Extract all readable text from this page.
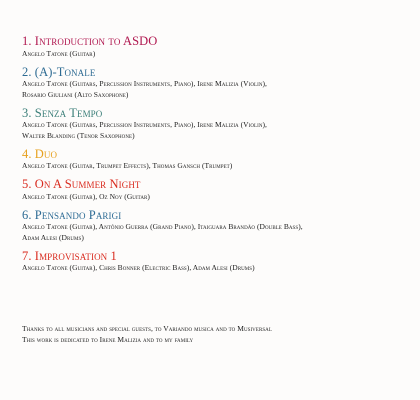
1. Introduction to ASDO
Angelo Tatone (Guitar)
2. (A)-Tonale
Angelo Tatone (Guitars, Percussion Instruments, Piano), Irene Malizia (Violin),
Rosario Giuliani (Alto Saxophone)
3. Senza Tempo
Angelo Tatone (Guitars, Percussion Instruments, Piano), Irene Malizia (Violin),
Walter Blanding (Tenor Saxophone)
4. Duo
Angelo Tatone (Guitar, Trumpet Effects), Thomas Gansch (Trumpet)
5. On A Summer Night
Angelo Tatone (Guitar), Oz Noy (Guitar)
6. Pensando Parigi
Angelo Tatone (Guitar), Antônio Guerra (Grand Piano), Itaiguara Brandão (Double Bass),
Adam Alesi (Drums)
7. Improvisation 1
Angelo Tatone (Guitar), Chris Bonner (Electric Bass), Adam Alesi (Drums)
Thanks to all musicians and special guests, to Variando musica and to Musiversal
This work is dedicated to Irene Malizia and to my family
